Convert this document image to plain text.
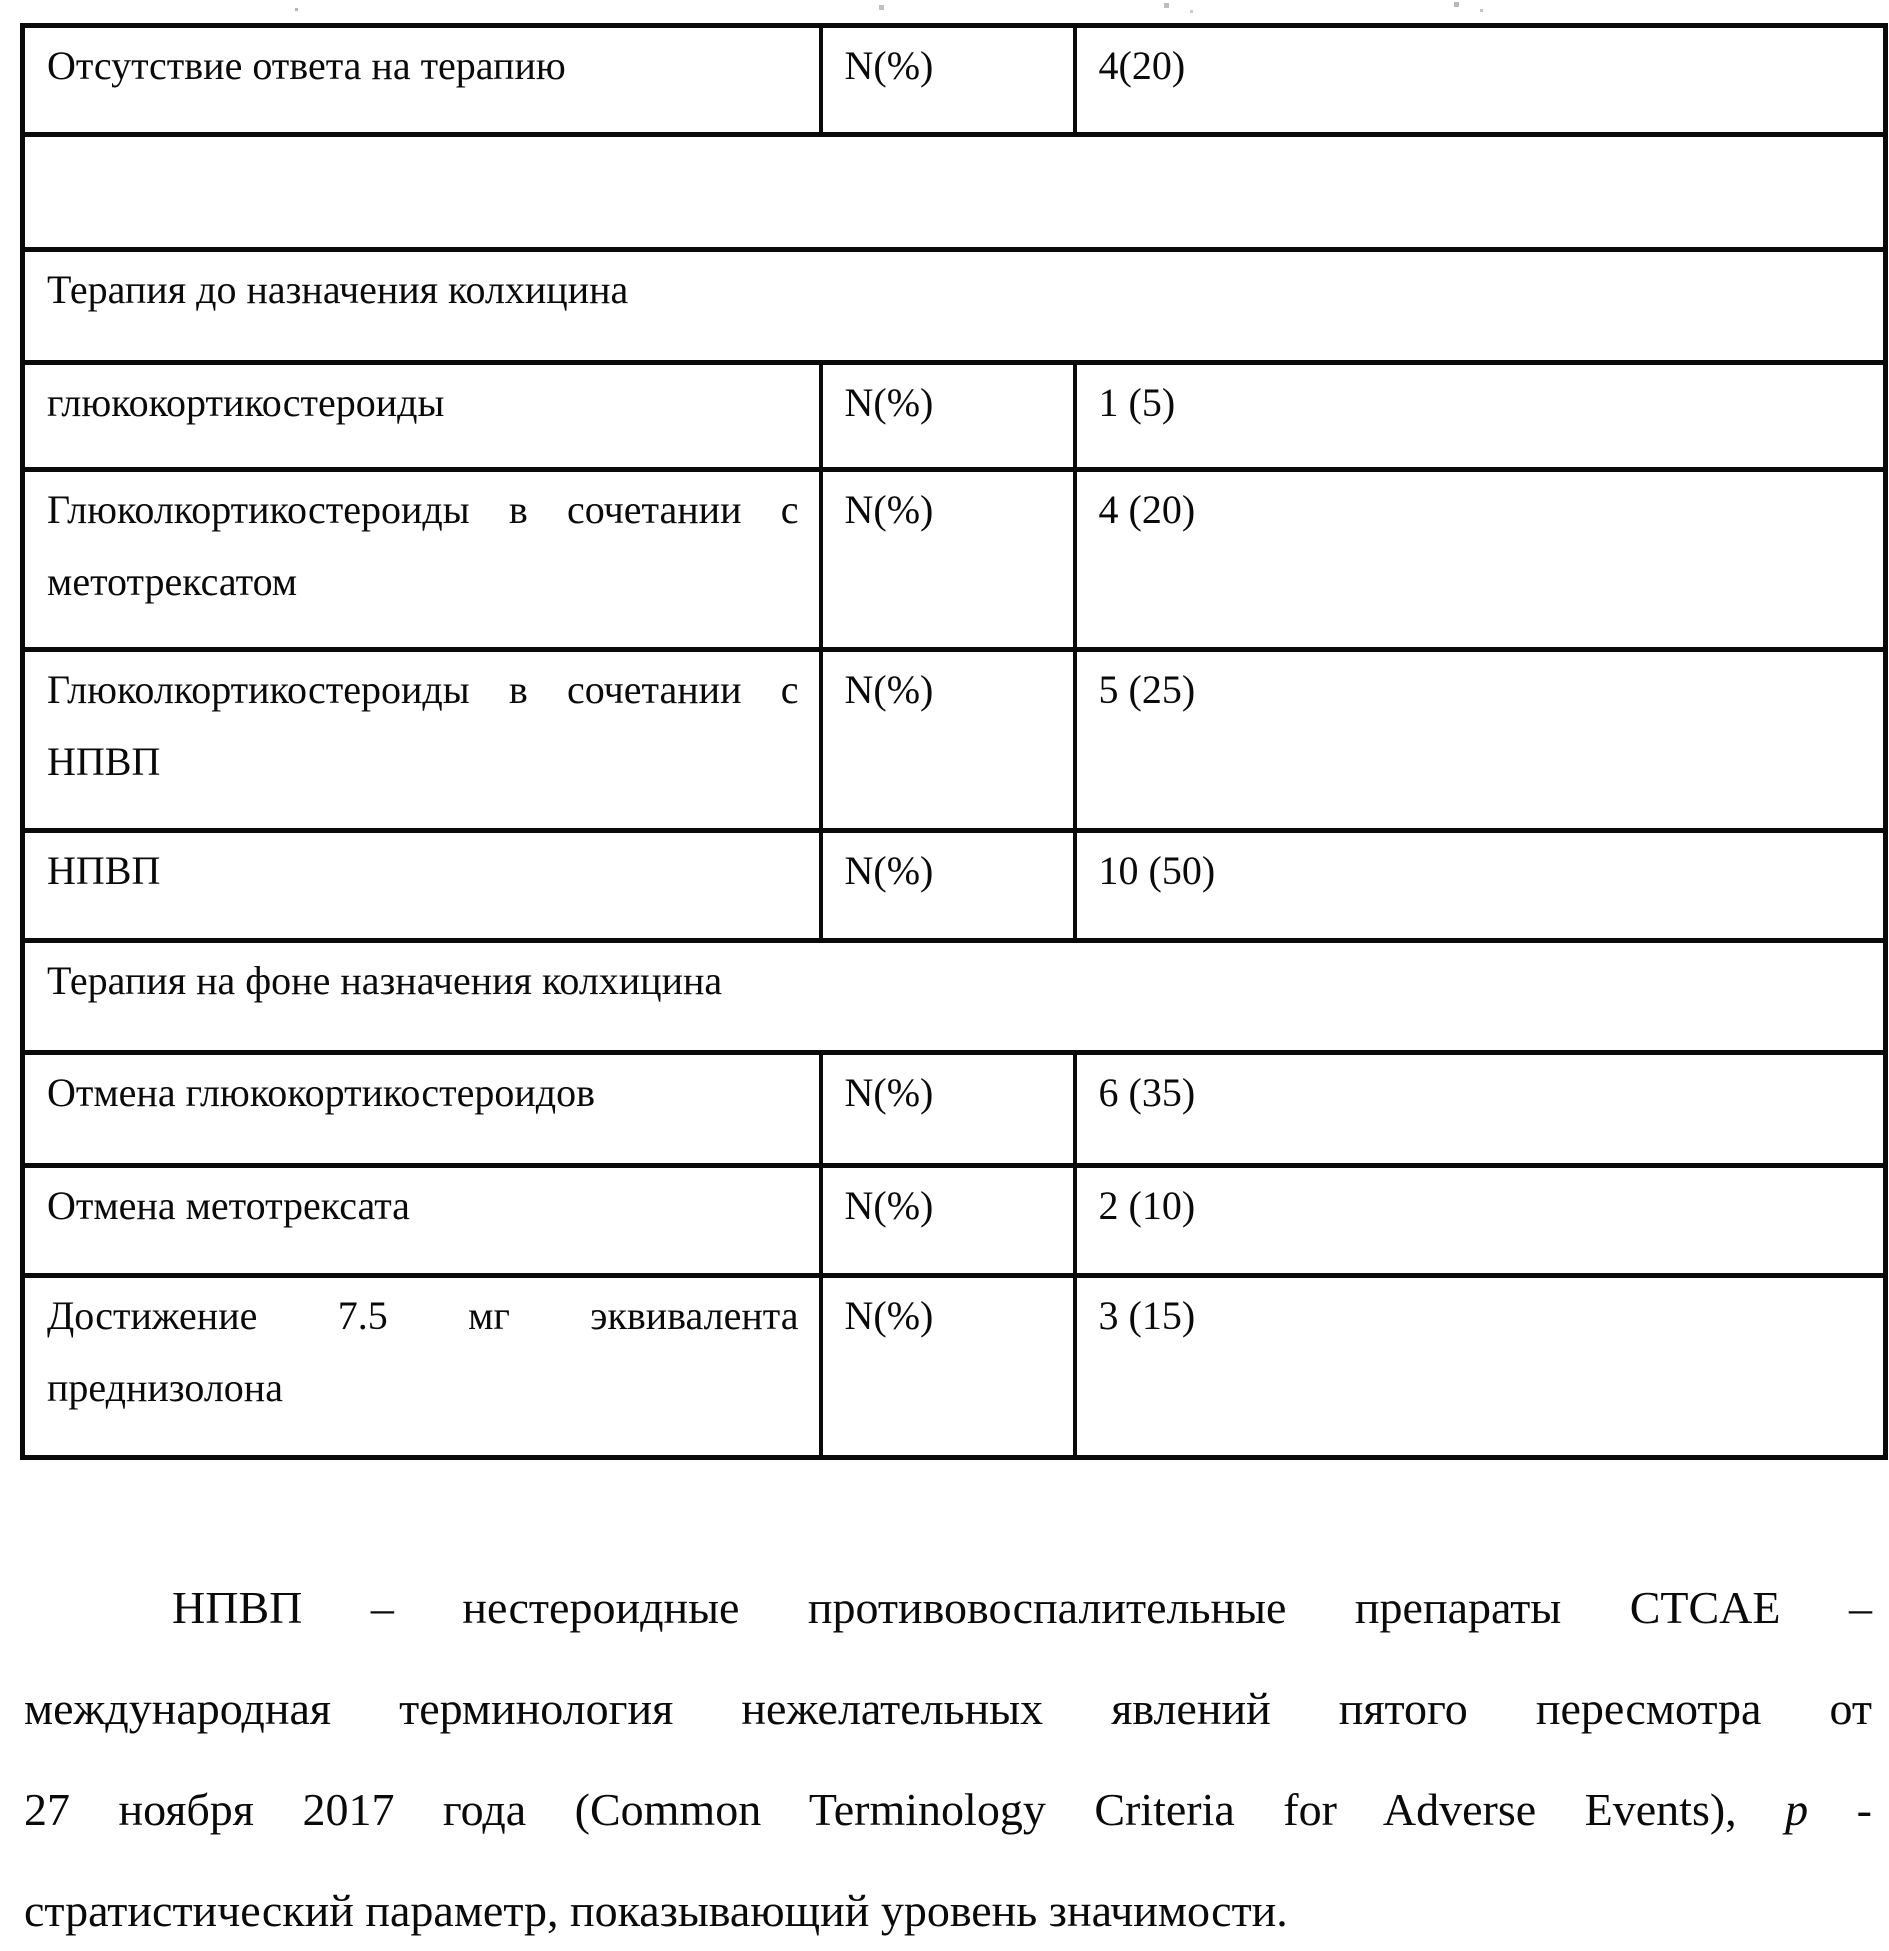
Отсутствие ответа на терапию	N(%)	4(20)

Терапия до назначения колхицина		

глюкокортикостероиды	N(%)	1 (5)

Глюколкортикостероиды в сочетании с
метотрексатом	N(%)	4 (20)

Глюколкортикостероиды в сочетании с
НПВП	N(%)	5 (25)

НПВП	N(%)	10 (50)
Терапия на фоне назначения колхицина		

Отмена глюкокортикостероидов	N(%)	6 (35)

Отмена метотрексата	N(%)	2 (10)

Достижение 7.5 мг эквивалента
преднизолона	N(%)	3 (15)
НПВП – нестероидные противовоспалительные препараты CTCAE –
международная терминология нежелательных явлений пятого пересмотра от
27 ноября 2017 года (Common Terminology Criteria for Adverse Events), p -
стратистический параметр, показывающий уровень значимости.
